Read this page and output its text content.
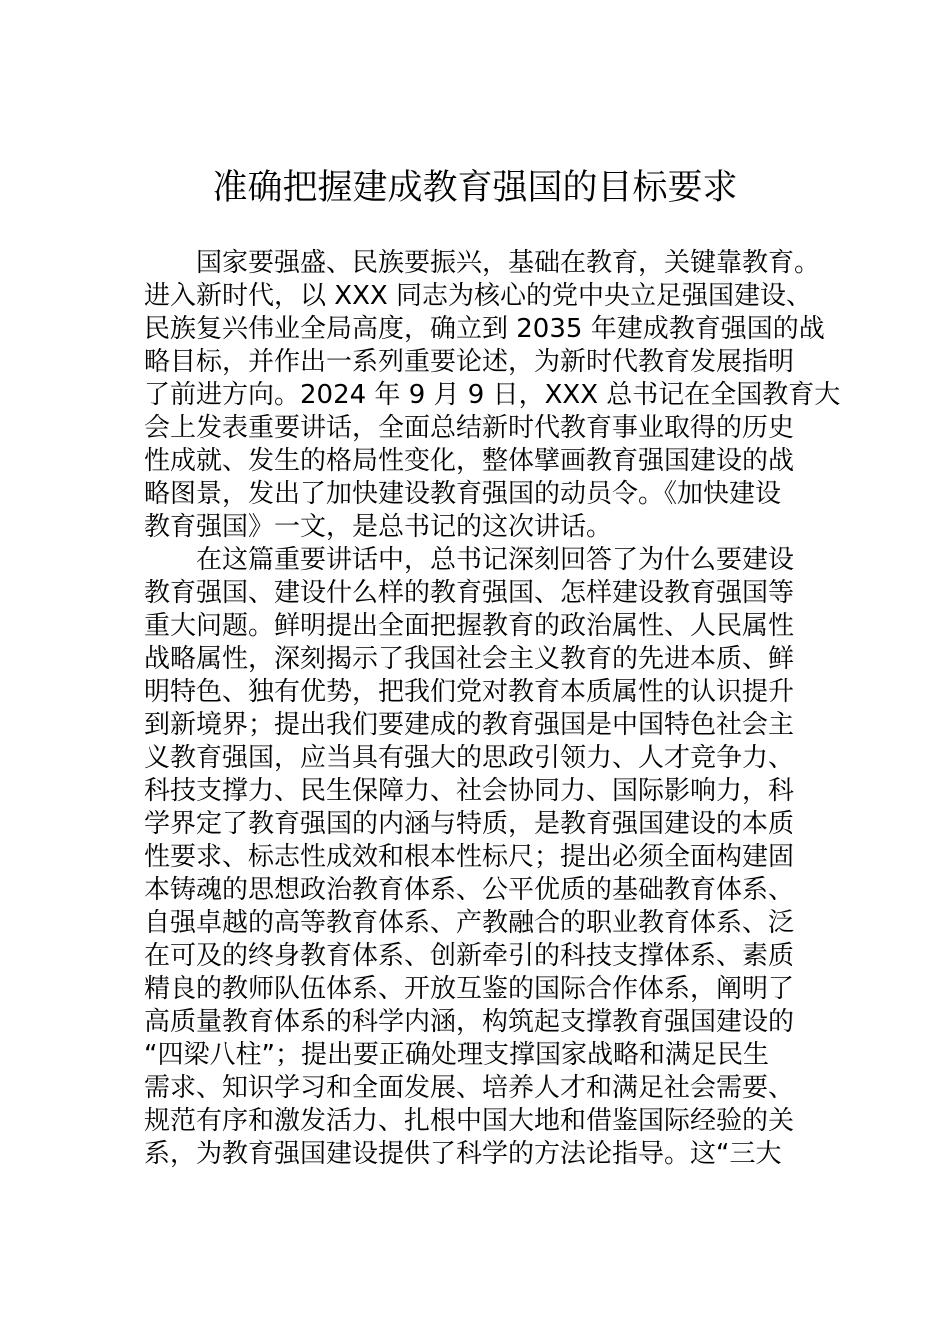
准确把握建成教育强国的目标要求
　　国家要强盛、民族要振兴，基础在教育，关键靠教育。
进入新时代，以 XXX 同志为核心的党中央立足强国建设、
民族复兴伟业全局高度，确立到 2035 年建成教育强国的战
略目标，并作出一系列重要论述，为新时代教育发展指明
了前进方向。2024 年 9 月 9 日，XXX 总书记在全国教育大
会上发表重要讲话，全面总结新时代教育事业取得的历史
性成就、发生的格局性变化，整体擘画教育强国建设的战
略图景，发出了加快建设教育强国的动员令。《加快建设
教育强国》一文，是总书记的这次讲话。
　　在这篇重要讲话中，总书记深刻回答了为什么要建设
教育强国、建设什么样的教育强国、怎样建设教育强国等
重大问题。鲜明提出全面把握教育的政治属性、人民属性
战略属性，深刻揭示了我国社会主义教育的先进本质、鲜
明特色、独有优势，把我们党对教育本质属性的认识提升
到新境界；提出我们要建成的教育强国是中国特色社会主
义教育强国，应当具有强大的思政引领力、人才竞争力、
科技支撑力、民生保障力、社会协同力、国际影响力，科
学界定了教育强国的内涵与特质，是教育强国建设的本质
性要求、标志性成效和根本性标尺；提出必须全面构建固
本铸魂的思想政治教育体系、公平优质的基础教育体系、
自强卓越的高等教育体系、产教融合的职业教育体系、泛
在可及的终身教育体系、创新牵引的科技支撑体系、素质
精良的教师队伍体系、开放互鉴的国际合作体系，阐明了
高质量教育体系的科学内涵，构筑起支撑教育强国建设的
“四梁八柱”；提出要正确处理支撑国家战略和满足民生
需求、知识学习和全面发展、培养人才和满足社会需要、
规范有序和激发活力、扎根中国大地和借鉴国际经验的关
系，为教育强国建设提供了科学的方法论指导。这“三大
